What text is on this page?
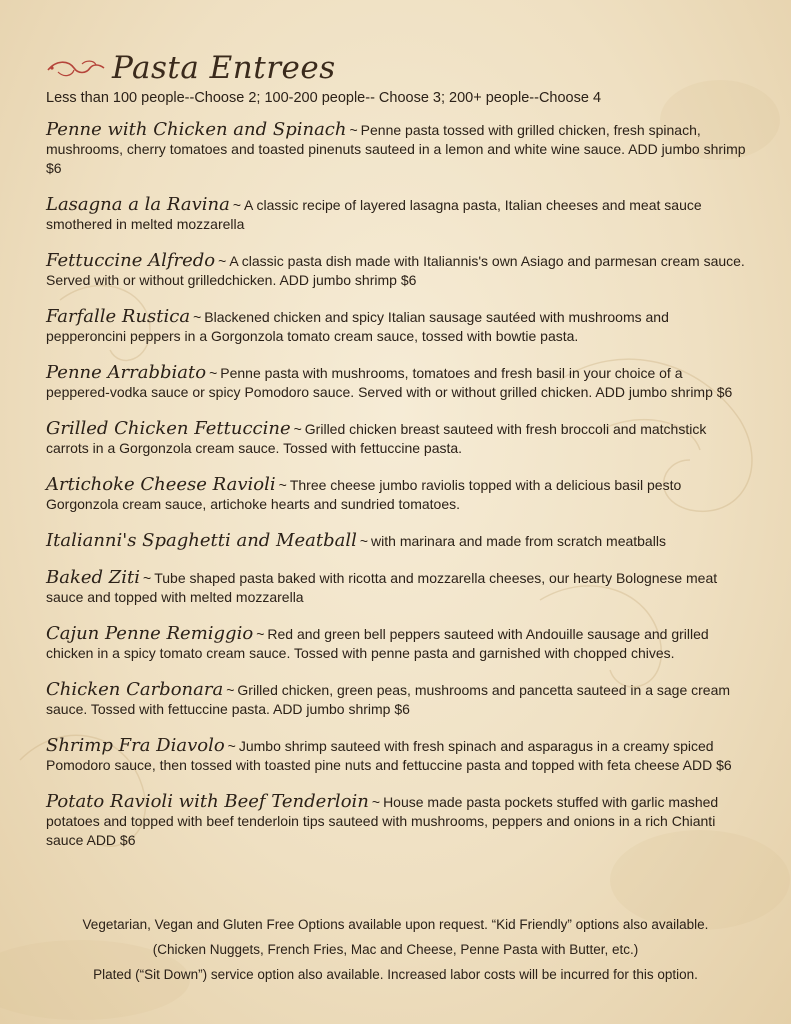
Pasta Entrees
Less than 100 people--Choose 2; 100-200 people-- Choose 3; 200+ people--Choose 4
Penne with Chicken and Spinach ~ Penne pasta tossed with grilled chicken, fresh spinach, mushrooms, cherry tomatoes and toasted pinenuts sauteed in a lemon and white wine sauce. ADD jumbo shrimp $6
Lasagna a la Ravina ~ A classic recipe of layered lasagna pasta, Italian cheeses and meat sauce smothered in melted mozzarella
Fettuccine Alfredo ~ A classic pasta dish made with Italiannis's own Asiago and parmesan cream sauce. Served with or without grilledchicken. ADD jumbo shrimp $6
Farfalle Rustica ~ Blackened chicken and spicy Italian sausage sautéed with mushrooms and pepperoncini peppers in a Gorgonzola tomato cream sauce, tossed with bowtie pasta.
Penne Arrabbiato ~ Penne pasta with mushrooms, tomatoes and fresh basil in your choice of a peppered-vodka sauce or spicy Pomodoro sauce. Served with or without grilled chicken. ADD jumbo shrimp $6
Grilled Chicken Fettuccine ~ Grilled chicken breast sauteed with fresh broccoli and matchstick carrots in a Gorgonzola cream sauce. Tossed with fettuccine pasta.
Artichoke Cheese Ravioli ~ Three cheese jumbo raviolis topped with a delicious basil pesto Gorgonzola cream sauce, artichoke hearts and sundried tomatoes.
Italianni's Spaghetti and Meatball ~ with marinara and made from scratch meatballs
Baked Ziti ~ Tube shaped pasta baked with ricotta and mozzarella cheeses, our hearty Bolognese meat sauce and topped with melted mozzarella
Cajun Penne Remiggio ~ Red and green bell peppers sauteed with Andouille sausage and grilled chicken in a spicy tomato cream sauce. Tossed with penne pasta and garnished with chopped chives.
Chicken Carbonara ~ Grilled chicken, green peas, mushrooms and pancetta sauteed in a sage cream sauce. Tossed with fettuccine pasta. ADD jumbo shrimp $6
Shrimp Fra Diavolo ~ Jumbo shrimp sauteed with fresh spinach and asparagus in a creamy spiced Pomodoro sauce, then tossed with toasted pine nuts and fettuccine pasta and topped with feta cheese ADD $6
Potato Ravioli with Beef Tenderloin ~ House made pasta pockets stuffed with garlic mashed potatoes and topped with beef tenderloin tips sauteed with mushrooms, peppers and onions in a rich Chianti sauce ADD $6
Vegetarian, Vegan and Gluten Free Options available upon request. “Kid Friendly” options also available.
(Chicken Nuggets, French Fries, Mac and Cheese, Penne Pasta with Butter, etc.)
Plated (“Sit Down”) service option also available. Increased labor costs will be incurred for this option.
